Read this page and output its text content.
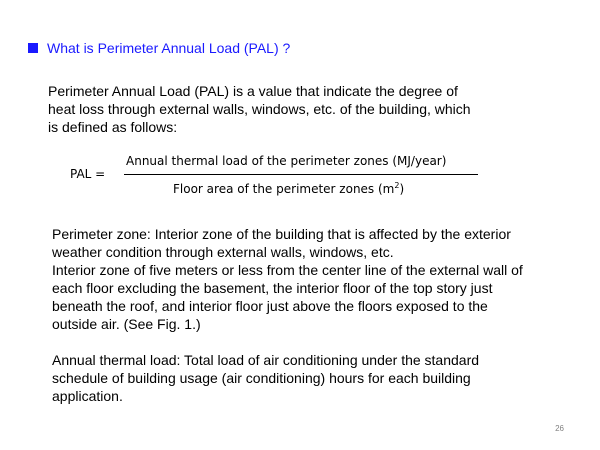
What is Perimeter Annual Load (PAL) ?
Perimeter Annual Load (PAL) is a value that indicate the degree of
heat loss through external walls, windows, etc. of the building, which
is defined as follows:
PAL =
Annual thermal load of the perimeter zones (MJ/year)
Floor area of the perimeter zones $(m^2)$
Perimeter zone: Interior zone of the building that is affected by the exterior
weather condition through external walls, windows, etc.
Interior zone of five meters or less from the center line of the external wall of
each floor excluding the basement, the interior floor of the top story just
beneath the roof, and interior floor just above the floors exposed to the
outside air. (See Fig. 1.)
Annual thermal load: Total load of air conditioning under the standard
schedule of building usage (air conditioning) hours for each building
application.
26
